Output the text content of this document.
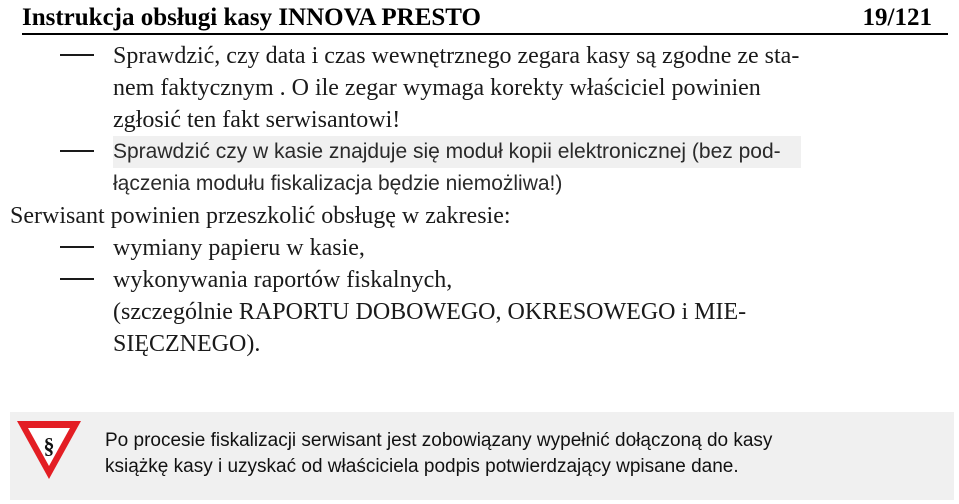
Instrukcja obsługi kasy INNOVA PRESTO	19/121
Sprawdzić, czy data i czas wewnętrznego zegara kasy są zgodne ze sta-
nem faktycznym . O ile zegar wymaga korekty właściciel powinien
zgłosić ten fakt serwisantowi!
Sprawdzić czy w kasie znajduje się moduł kopii elektronicznej (bez pod-
łączenia modułu fiskalizacja będzie niemożliwa!)
Serwisant powinien przeszkolić obsługę w zakresie:
wymiany papieru w kasie,
wykonywania raportów fiskalnych,
(szczególnie RAPORTU DOBOWEGO, OKRESOWEGO i MIE-
SIĘCZNEGO).
§	Po procesie fiskalizacji serwisant jest zobowiązany wypełnić dołączoną do kasy
książkę kasy i uzyskać od właściciela podpis potwierdzający wpisane dane.
